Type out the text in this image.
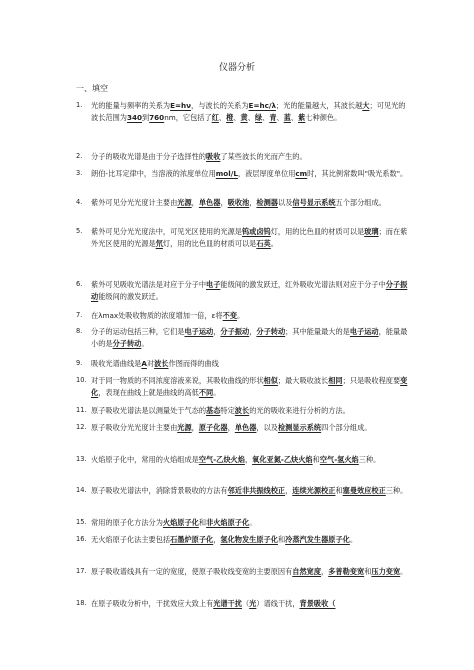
仪器分析
一、填空
1.	光的能量与频率的关系为E=hν，与波长的关系为E=hc/λ；光的能量越大，其波长越大；可见光的波长范围为340到760nm，它包括了红、橙、黄、绿、青、蓝、紫七种颜色。
2.	分子的吸收光谱是由于分子选择性的吸收了某些波长的光而产生的。
3.	朗伯-比耳定律中，当溶液的浓度单位用mol/L，液层厚度单位用cm时，其比例常数叫"吸光系数"。
4.	紫外可见分光光度计主要由光源，单色器，吸收池，检测器以及信号显示系统五个部分组成。
5.	紫外可见分光光度法中，可见光区使用的光源是钨或卤钨灯，用的比色皿的材质可以是玻璃；而在紫外光区使用的光源是氘灯，用的比色皿的材质可以是石英。
6.	紫外可见吸收光谱法是对应于分子中电子能级间的激发跃迁，红外吸收光谱法则对应于分子中分子振动能级间的激发跃迁。
7.	在λmax处吸收物质的浓度增加一倍，ε将不变。
8.	分子的运动包括三种，它们是电子运动，分子振动，分子转动；其中能量最大的是电子运动，能量最小的是分子转动。
9.	吸收光谱曲线是A对波长作图而得的曲线
10. 对于同一物质的不同浓度溶液来说，其吸收曲线的形状相似；最大吸收波长相同；只是吸收程度要变化，表现在曲线上就是曲线的高低不同。
11. 原子吸收光谱法是以测量处于气态的基态特定波长的光的吸收来进行分析的方法。
12. 原子吸收分光光度计主要由光源，原子化器，单色器，以及检测显示系统四个部分组成。
13. 火焰原子化中，常用的火焰组成是空气-乙炔火焰，氧化亚氮-乙炔火焰和空气-氢火焰三种。
14. 原子吸收光谱法中，消除背景吸收的方法有邻近非共振线校正，连续光源校正和塞曼效应校正三种。
15. 常用的原子化方法分为火焰原子化和非火焰原子化。
16. 无火焰原子化法主要包括石墨炉原子化，氢化物发生原子化和冷蒸汽发生器原子化。
17. 原子吸收谱线具有一定的宽度，使原子吸收线变宽的主要原因有自然宽度，多普勒变宽和压力变宽。
18. 在原子吸收分析中，干扰效应大致上有光谱干扰（光）谱线干扰，背景吸收（
